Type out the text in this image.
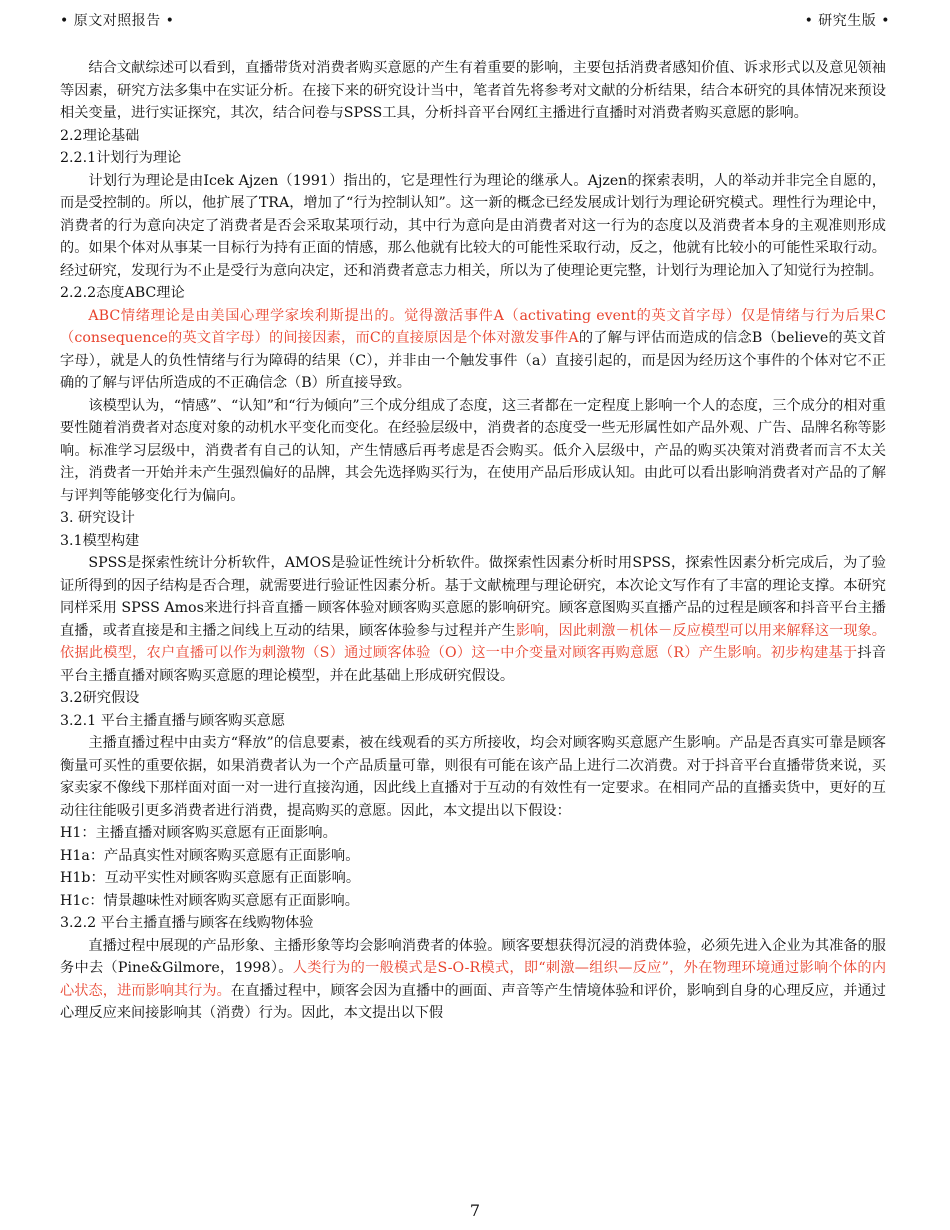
• 原文对照报告 •	• 研究生版 •

结合文献综述可以看到，直播带货对消费者购买意愿的产生有着重要的影响，主要包括消费者感知价值、诉求形式以及意见领袖等因素，研究方法多集中在实证分析。在接下来的研究设计当中，笔者首先将参考对文献的分析结果，结合本研究的具体情况来预设相关变量，进行实证探究，其次，结合问卷与SPSS工具，分析抖音平台网红主播进行直播时对消费者购买意愿的影响。

2.2理论基础

2.2.1计划行为理论

计划行为理论是由Icek Ajzen（1991）指出的，它是理性行为理论的继承人。Ajzen的探索表明，人的举动并非完全自愿的，而是受控制的。所以，他扩展了TRA，增加了“行为控制认知”。这一新的概念已经发展成计划行为理论研究模式。理性行为理论中，消费者的行为意向决定了消费者是否会采取某项行动，其中行为意向是由消费者对这一行为的态度以及消费者本身的主观准则形成的。如果个体对从事某一目标行为持有正面的情感，那么他就有比较大的可能性采取行动，反之，他就有比较小的可能性采取行动。经过研究，发现行为不止是受行为意向决定，还和消费者意志力相关，所以为了使理论更完整，计划行为理论加入了知觉行为控制。

2.2.2态度ABC理论

ABC情绪理论是由美国心理学家埃利斯提出的。觉得激活事件A（activating event的英文首字母）仅是情绪与行为后果C（consequence的英文首字母）的间接因素，而C的直接原因是个体对激发事件A的了解与评估而造成的信念B（believe的英文首字母），就是人的负性情绪与行为障碍的结果（C），并非由一个触发事件（a）直接引起的，而是因为经历这个事件的个体对它不正确的了解与评估所造成的不正确信念（B）所直接导致。

该模型认为，“情感”、“认知”和“行为倾向”三个成分组成了态度，这三者都在一定程度上影响一个人的态度，三个成分的相对重要性随着消费者对态度对象的动机水平变化而变化。在经验层级中，消费者的态度受一些无形属性如产品外观、广告、品牌名称等影响。标准学习层级中，消费者有自己的认知，产生情感后再考虑是否会购买。低介入层级中，产品的购买决策对消费者而言不太关注，消费者一开始并未产生强烈偏好的品牌，其会先选择购买行为，在使用产品后形成认知。由此可以看出影响消费者对产品的了解与评判等能够变化行为偏向。

3. 研究设计

3.1模型构建

SPSS是探索性统计分析软件，AMOS是验证性统计分析软件。做探索性因素分析时用SPSS，探索性因素分析完成后，为了验证所得到的因子结构是否合理，就需要进行验证性因素分析。基于文献梳理与理论研究，本次论文写作有了丰富的理论支撑。本研究同样采用 SPSS Amos来进行抖音直播－顾客体验对顾客购买意愿的影响研究。顾客意图购买直播产品的过程是顾客和抖音平台主播直播，或者直接是和主播之间线上互动的结果，顾客体验参与过程并产生影响，因此刺激－机体－反应模型可以用来解释这一现象。依据此模型，农户直播可以作为刺激物（S）通过顾客体验（O）这一中介变量对顾客再购意愿（R）产生影响。初步构建基于抖音平台主播直播对顾客购买意愿的理论模型，并在此基础上形成研究假设。

3.2研究假设

3.2.1 平台主播直播与顾客购买意愿

主播直播过程中由卖方“释放”的信息要素，被在线观看的买方所接收，均会对顾客购买意愿产生影响。产品是否真实可靠是顾客衡量可买性的重要依据，如果消费者认为一个产品质量可靠，则很有可能在该产品上进行二次消费。对于抖音平台直播带货来说，买家卖家不像线下那样面对面一对一进行直接沟通，因此线上直播对于互动的有效性有一定要求。在相同产品的直播卖货中，更好的互动往往能吸引更多消费者进行消费，提高购买的意愿。因此，本文提出以下假设：

H1：主播直播对顾客购买意愿有正面影响。

H1a：产品真实性对顾客购买意愿有正面影响。

H1b：互动平实性对顾客购买意愿有正面影响。

H1c：情景趣味性对顾客购买意愿有正面影响。

3.2.2 平台主播直播与顾客在线购物体验

直播过程中展现的产品形象、主播形象等均会影响消费者的体验。顾客要想获得沉浸的消费体验，必须先进入企业为其准备的服务中去（Pine&Gilmore，1998）。人类行为的一般模式是S-O-R模式，即“刺激—组织—反应”，外在物理环境通过影响个体的内心状态，进而影响其行为。在直播过程中，顾客会因为直播中的画面、声音等产生情境体验和评价，影响到自身的心理反应，并通过心理反应来间接影响其（消费）行为。因此，本文提出以下假

7
